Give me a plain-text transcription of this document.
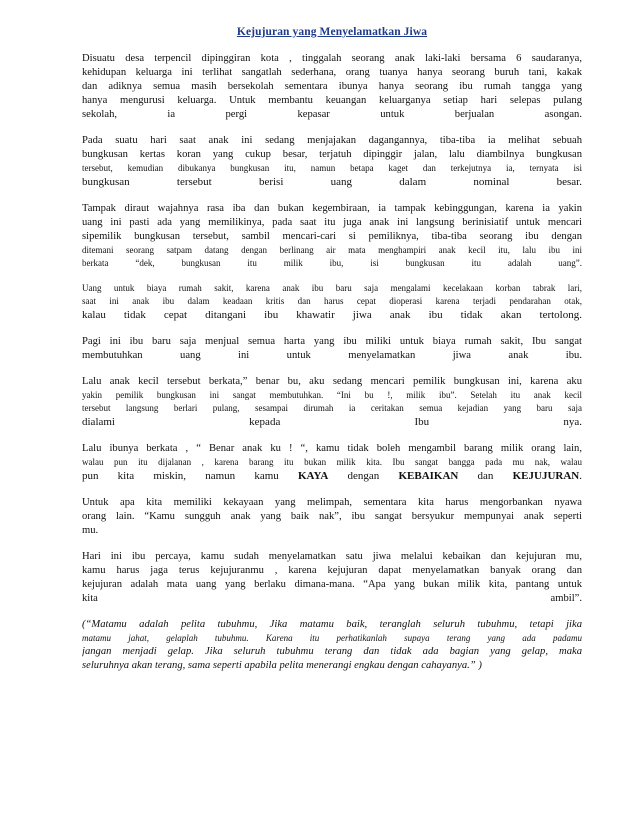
Kejujuran yang Menyelamatkan Jiwa
Disuatu desa terpencil dipinggiran kota , tinggalah seorang anak laki-laki bersama 6 saudaranya,
kehidupan keluarga ini terlihat sangatlah sederhana, orang tuanya hanya seorang buruh tani, kakak
dan adiknya semua masih bersekolah sementara ibunya hanya seorang ibu rumah tangga yang
hanya mengurusi keluarga. Untuk membantu keuangan keluarganya setiap hari selepas pulang
sekolah, ia pergi kepasar untuk berjualan asongan.
Pada suatu hari saat anak ini sedang menjajakan dagangannya, tiba-tiba ia melihat sebuah
bungkusan kertas koran yang cukup besar, terjatuh dipinggir jalan, lalu diambilnya bungkusan
tersebut, kemudian dibukanya bungkusan itu, namun betapa kaget dan terkejutnya ia, ternyata isi
bungkusan tersebut berisi uang dalam nominal besar.
Tampak diraut wajahnya rasa iba dan bukan kegembiraan, ia tampak kebinggungan, karena ia yakin
uang ini pasti ada yang memilikinya, pada saat itu juga anak ini langsung berinisiatif untuk mencari
sipemilik bungkusan tersebut, sambil mencari-cari si pemiliknya, tiba-tiba seorang ibu dengan
ditemani seorang satpam datang dengan berlinang air mata menghampiri anak kecil itu, lalu ibu ini
berkata “dek, bungkusan itu milik ibu, isi bungkusan itu adalah uang”.
Uang untuk biaya rumah sakit, karena anak ibu baru saja mengalami kecelakaan korban tabrak lari,
saat ini anak ibu dalam keadaan kritis dan harus cepat dioperasi karena terjadi pendarahan otak,
kalau tidak cepat ditangani ibu khawatir jiwa anak ibu tidak akan tertolong.
Pagi ini ibu baru saja menjual semua harta yang ibu miliki untuk biaya rumah sakit, Ibu sangat
membutuhkan uang ini untuk menyelamatkan jiwa anak ibu.
Lalu anak kecil tersebut berkata,” benar bu, aku sedang mencari pemilik bungkusan ini, karena aku
yakin pemilik bungkusan ini sangat membutuhkan. “Ini bu !, milik ibu”. Setelah itu anak kecil
tersebut langsung berlari pulang, sesampai dirumah ia ceritakan semua kejadian yang baru saja
dialami kepada Ibu nya.
Lalu ibunya berkata , “ Benar anak ku ! “, kamu tidak boleh mengambil barang milik orang lain,
walau pun itu dijalanan , karena barang itu bukan milik kita. Ibu sangat bangga pada mu nak, walau
pun kita miskin, namun kamu KAYA dengan KEBAIKAN dan KEJUJURAN.
Untuk apa kita memiliki kekayaan yang melimpah, sementara kita harus mengorbankan nyawa
orang lain. “Kamu sungguh anak yang baik nak”, ibu sangat bersyukur mempunyai anak seperti
mu.
Hari ini ibu percaya, kamu sudah menyelamatkan satu jiwa melalui kebaikan dan kejujuran mu,
kamu harus jaga terus kejujuranmu , karena kejujuran dapat menyelamatkan banyak orang dan
kejujuran adalah mata uang yang berlaku dimana-mana. “Apa yang bukan milik kita, pantang untuk
kita ambil”.
(“Matamu adalah pelita tubuhmu, Jika matamu baik, teranglah seluruh tubuhmu, tetapi jika
matamu jahat, gelaplah tubuhmu. Karena itu perhatikanlah supaya terang yang ada padamu
jangan menjadi gelap. Jika seluruh tubuhmu terang dan tidak ada bagian yang gelap, maka
seluruhnya akan terang, sama seperti apabila pelita menerangi engkau dengan cahayanya.” )
